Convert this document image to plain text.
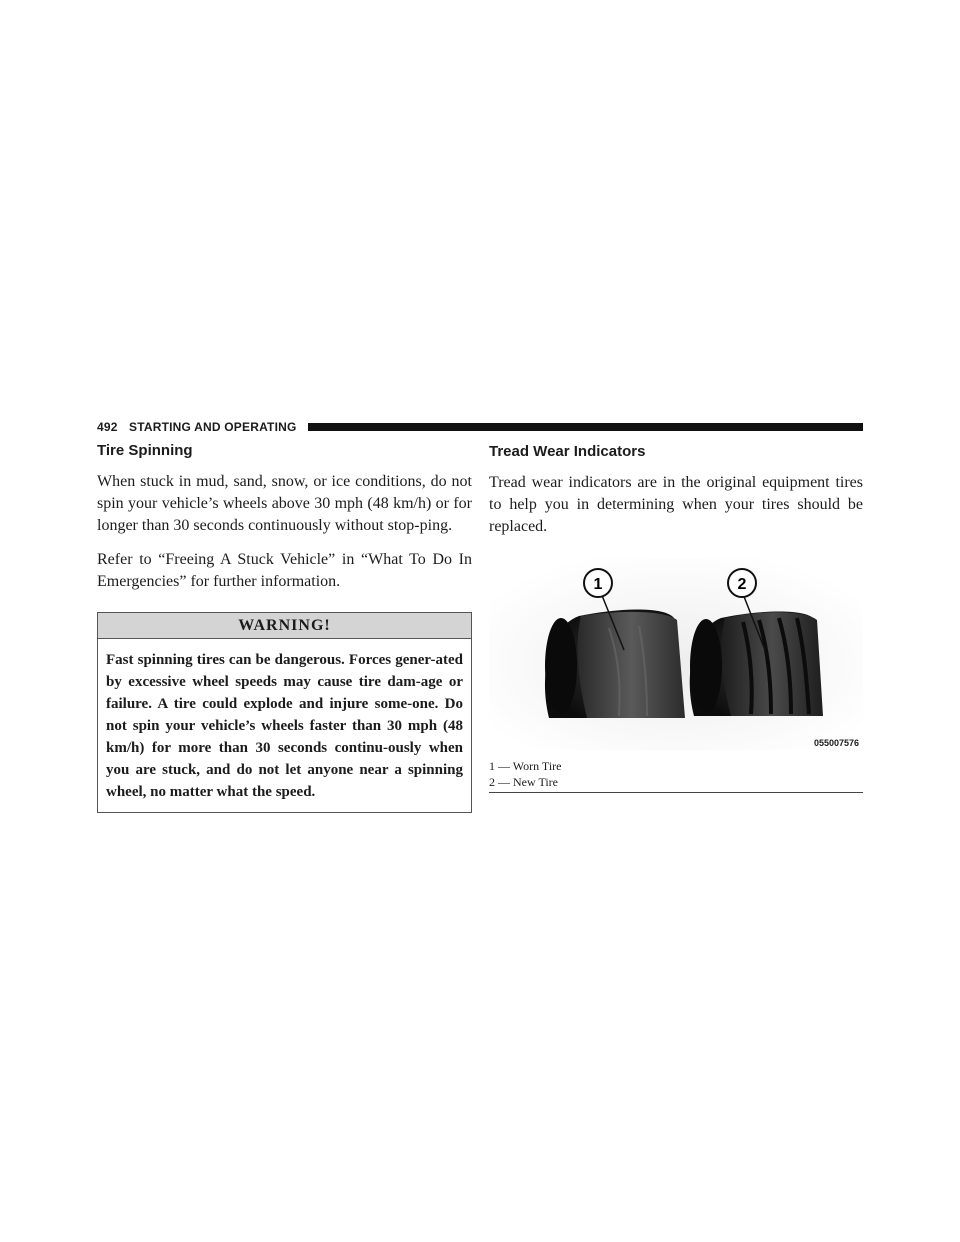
492 STARTING AND OPERATING
Tire Spinning

When stuck in mud, sand, snow, or ice conditions, do not spin your vehicle’s wheels above 30 mph (48 km/h) or for longer than 30 seconds continuously without stop-ping.

Refer to “Freeing A Stuck Vehicle” in “What To Do In Emergencies” for further information.

WARNING!
Fast spinning tires can be dangerous. Forces gener-ated by excessive wheel speeds may cause tire dam-age or failure. A tire could explode and injure some-one. Do not spin your vehicle’s wheels faster than 30 mph (48 km/h) for more than 30 seconds continu-ously when you are stuck, and do not let anyone near a spinning wheel, no matter what the speed.
Tread Wear Indicators

Tread wear indicators are in the original equipment tires to help you in determining when your tires should be replaced.

1	2
055007576
1 — Worn Tire
2 — New Tire
